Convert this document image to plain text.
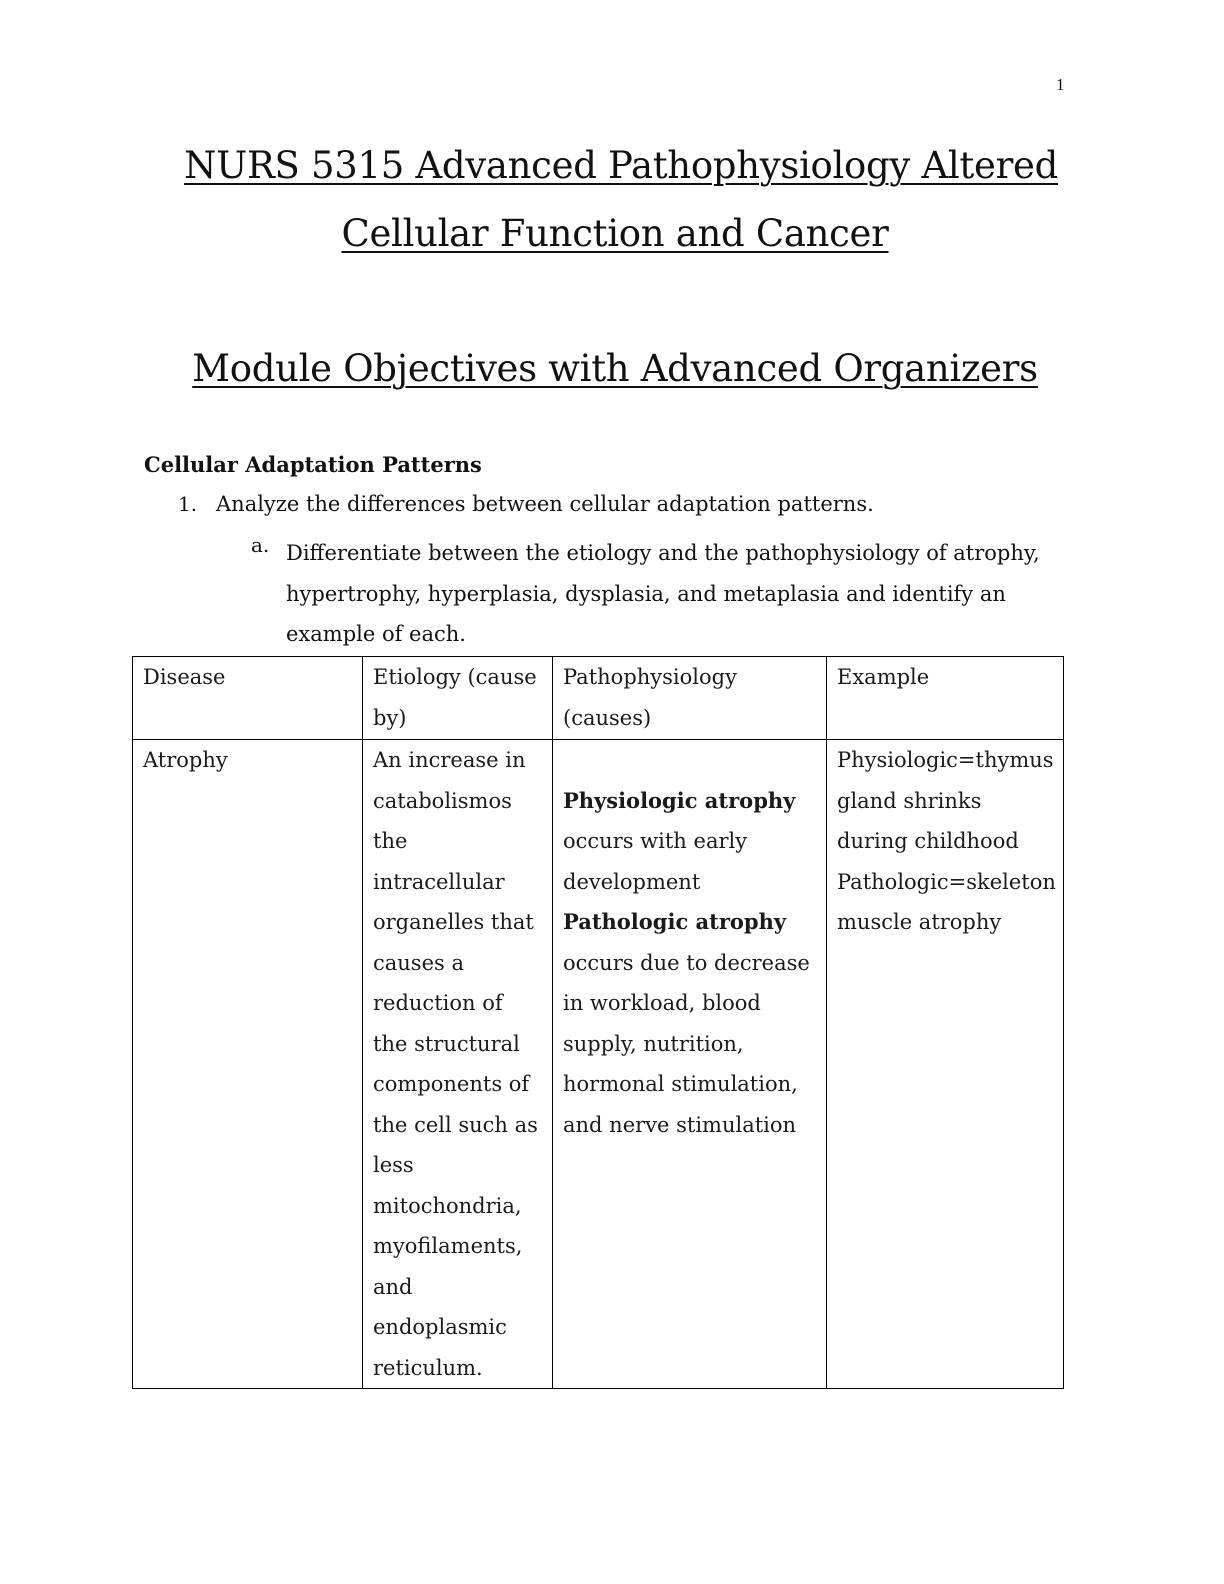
1
NURS 5315 Advanced Pathophysiology Altered
Cellular Function and Cancer
Module Objectives with Advanced Organizers
Cellular Adaptation Patterns
1. Analyze the differences between cellular adaptation patterns.
a. Differentiate between the etiology and the pathophysiology of atrophy, hypertrophy, hyperplasia, dysplasia, and metaplasia and identify an example of each.
Disease	Etiology (cause by)	Pathophysiology (causes)	Example
Atrophy	An increase in catabolismos the intracellular organelles that causes a reduction of the structural components of the cell such as less mitochondria, myofilaments, and endoplasmic reticulum.	Physiologic atrophy occurs with early development Pathologic atrophy occurs due to decrease in workload, blood supply, nutrition, hormonal stimulation, and nerve stimulation	Physiologic=thymus gland shrinks during childhood Pathologic=skeleton muscle atrophy
